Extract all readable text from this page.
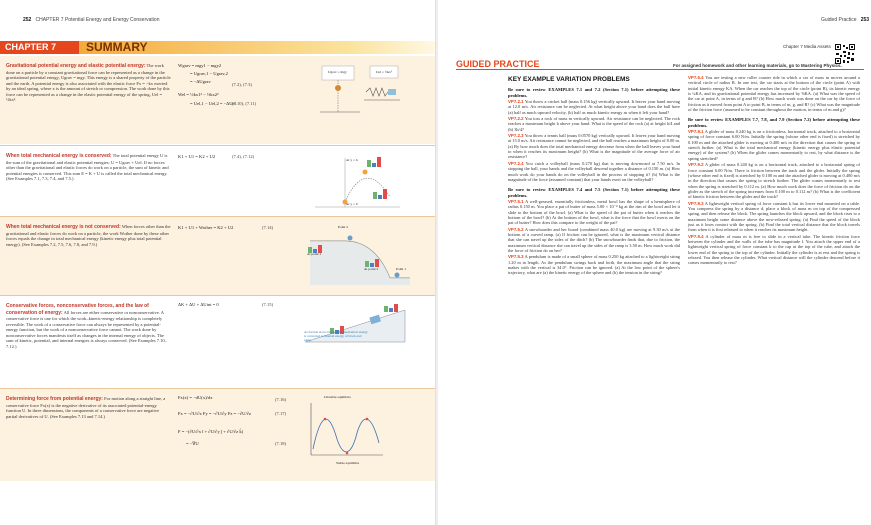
252 CHAPTER 7 Potential Energy and Energy Conservation
CHAPTER 7	SUMMARY
Gravitational potential energy and elastic potential energy: The work done on a particle by a constant gravitational force can be represented as a change in the gravitational potential energy, Ugrav = mgy. This energy is a shared property of the particle and the earth. A potential energy is also associated with the elastic force Fx = −kx exerted by an ideal spring, where x is the amount of stretch or compression. The work done by this force can be represented as a change in the elastic potential energy of the spring, Uel = ½kx².
Wgrav = mgy1 − mgy2
= Ugrav,1 − Ugrav,2
= −ΔUgrav
(7.2), (7.3)
Wel = ½kx1² − ½kx2²
= Uel,1 − Uel,2 = −ΔUel
(7.10), (7.11)
Ugrav = mgy	Uel = ½kx²
When total mechanical energy is conserved: The total potential energy U is the sum of the gravitational and elastic potential energies: U = Ugrav + Uel. If no forces other than the gravitational and elastic forces do work on a particle, the sum of kinetic and potential energies is conserved. This sum E = K + U is called the total mechanical energy. (See Examples 7.1, 7.3, 7.4, and 7.5.)
K1 + U1 = K2 + U2	(7.4), (7.12)
At y = h
At y = 0
When total mechanical energy is not conserved: When forces other than the gravitational and elastic forces do work on a particle, the work Wother done by these other forces equals the change in total mechanical energy (kinetic energy plus total potential energy). (See Examples 7.2, 7.5, 7.6, 7.8, and 7.9.)
K1 + U1 + Wother = K2 + U2	(7.14)	Point 2
Point 1
At point 1
At point 2
Conservative forces, nonconservative forces, and the law of conservation of energy: All forces are either conservative or nonconservative. A conservative force is one for which the work–kinetic-energy relationship is completely reversible. The work of a conservative force can always be represented by a potential-energy function, but the work of a nonconservative force cannot. The work done by nonconservative forces manifests itself as changes in the internal energy of objects. The sum of kinetic, potential, and internal energies is always conserved. (See Examples 7.10–7.12.)
ΔK + ΔU + ΔUint = 0	(7.15)
As friction slows block, total mechanical energy is converted to internal energy of block and ramp.
Determining force from potential energy: For motion along a straight line, a conservative force Fx(x) is the negative derivative of its associated potential-energy function U. In three dimensions, the components of a conservative force are negative partial derivatives of U. (See Examples 7.13 and 7.14.)
Fx(x) = −dU(x)/dx	(7.16)
Fx = −∂U/∂x Fy = −∂U/∂y Fz = −∂U/∂z	(7.17)
F = −(∂U/∂x î + ∂U/∂y ĵ + ∂U/∂z k̂)
= −∇U	(7.18)
Unstable equilibria
Stable equilibria
Guided Practice 253
Chapter 7 Media Assets
GUIDED PRACTICE	For assigned homework and other learning materials, go to Mastering Physics.
KEY EXAMPLE VARIATION PROBLEMS
Be sure to review EXAMPLES 7.1 and 7.2 (Section 7.1) before attempting these problems.

VP7.2.1 You throw a cricket ball (mass 0.156 kg) vertically upward. It leaves your hand moving at 12.0 m/s. Air resistance can be neglected. At what height above your hand does the ball have (a) half as much upward velocity, (b) half as much kinetic energy as when it left your hand?

VP7.2.2 You toss a rock of mass m vertically upward. Air resistance can be neglected. The rock reaches a maximum height h above your hand. What is the speed of the rock (a) at height h/4 and (b) 3h/4?

VP7.2.3 You throw a tennis ball (mass 0.0570 kg) vertically upward. It leaves your hand moving at 15.0 m/s. Air resistance cannot be neglected, and the ball reaches a maximum height of 8.00 m. (a) By how much does the total mechanical energy decrease from when the ball leaves your hand to when it reaches its maximum height? (b) What is the magnitude of the average force of air resistance?

VP7.2.4 You catch a volleyball (mass 0.270 kg) that is moving downward at 7.50 m/s. In stopping the ball, your hands and the volleyball descend together a distance of 0.150 m. (a) How much work do your hands do on the volleyball in the process of stopping it? (b) What is the magnitude of the force (assumed constant) that your hands exert on the volleyball?

Be sure to review EXAMPLES 7.4 and 7.5 (Section 7.1) before attempting these problems.

VP7.5.1 A well-greased, essentially frictionless, metal bowl has the shape of a hemisphere of radius 0.150 m. You place a pat of butter of mass 5.00 × 10⁻⁴ kg at the rim of the bowl and let it slide to the bottom of the bowl. (a) What is the speed of the pat of butter when it reaches the bottom of the bowl? (b) At the bottom of the bowl, what is the force that the bowl exerts on the pat of butter? How does this compare to the weight of the pat?

VP7.5.2 A snowboarder and her board (combined mass 40.0 kg) are moving at 9.30 m/s at the bottom of a curved ramp. (a) If friction can be ignored, what is the maximum vertical distance that she can travel up the sides of the ditch? (b) The snowboarder finds that, due to friction, the maximum vertical distance she can travel up the sides of the ramp is 3.50 m. How much work did the force of friction do on her?

VP7.5.3 A pendulum is made of a small sphere of mass 0.250 kg attached to a lightweight string 1.20 m in length. As the pendulum swings back and forth, the maximum angle that the string makes with the vertical is 34.0°. Friction can be ignored. (a) At the low point of the sphere's trajectory, what are (a) the kinetic energy of the sphere and (b) the tension in the string?

VP7.5.4 You are testing a new roller coaster ride in which a car of mass m moves around a vertical circle of radius R. In one test, the car starts at the bottom of the circle (point A) with initial kinetic energy KA. When the car reaches the top of the circle (point B), its kinetic energy is ¼KA, and its gravitational potential energy has increased by ⅝KA. (a) What was the speed of the car at point A, in terms of g and R? (b) How much work was done on the car by the force of friction as it moved from point A to point B, in terms of m, g, and R? (c) What was the magnitude of the friction force (assumed to be constant throughout the motion, in terms of m and g)?

Be sure to review EXAMPLES 7.7, 7.8, and 7.9 (Section 7.2) before attempting these problems.

VP7.9.1 A glider of mass 0.240 kg is on a frictionless, horizontal track, attached to a horizontal spring of force constant 6.00 N/m. Initially the spring (whose other end is fixed) is stretched by 0.100 m and the attached glider is moving at 0.400 m/s in the direction that causes the spring to stretch further. (a) What is the total mechanical energy (kinetic energy plus elastic potential energy) of the system? (b) When the glider comes momentarily to rest, by what distance is the spring stretched?

VP7.9.2 A glider of mass 0.240 kg is on a horizontal track, attached to a horizontal spring of force constant 6.00 N/m. There is friction between the track and the glider. Initially the spring (whose other end is fixed) is stretched by 0.100 m and the attached glider is moving at 0.400 m/s in the direction that causes the spring to stretch further. The glider comes momentarily to rest when the spring is stretched by 0.112 m. (a) How much work does the force of friction do on the glider as the stretch of the spring increases from 0.100 m to 0.112 m? (b) What is the coefficient of kinetic friction between the glider and the track?

VP7.9.3 A lightweight vertical spring of force constant k has its lower end mounted on a table. You compress the spring by a distance d, place a block of mass m on top of the compressed spring, and then release the block. The spring launches the block upward, and the block rises to a maximum height some distance above the now-relaxed spring. (a) Find the speed of the block just as it loses contact with the spring. (b) Find the total vertical distance that the block travels from when it is first released to when it reaches its maximum height.

VP7.9.4 A cylinder of mass m is free to slide in a vertical tube. The kinetic friction force between the cylinder and the walls of the tube has magnitude f. You attach the upper end of a lightweight vertical spring of force constant k to the cap at the top of the tube, and attach the lower end of the spring to the top of the cylinder. Initially the cylinder is at rest and the spring is relaxed. You then release the cylinder. What vertical distance will the cylinder descend before it comes momentarily to rest?
